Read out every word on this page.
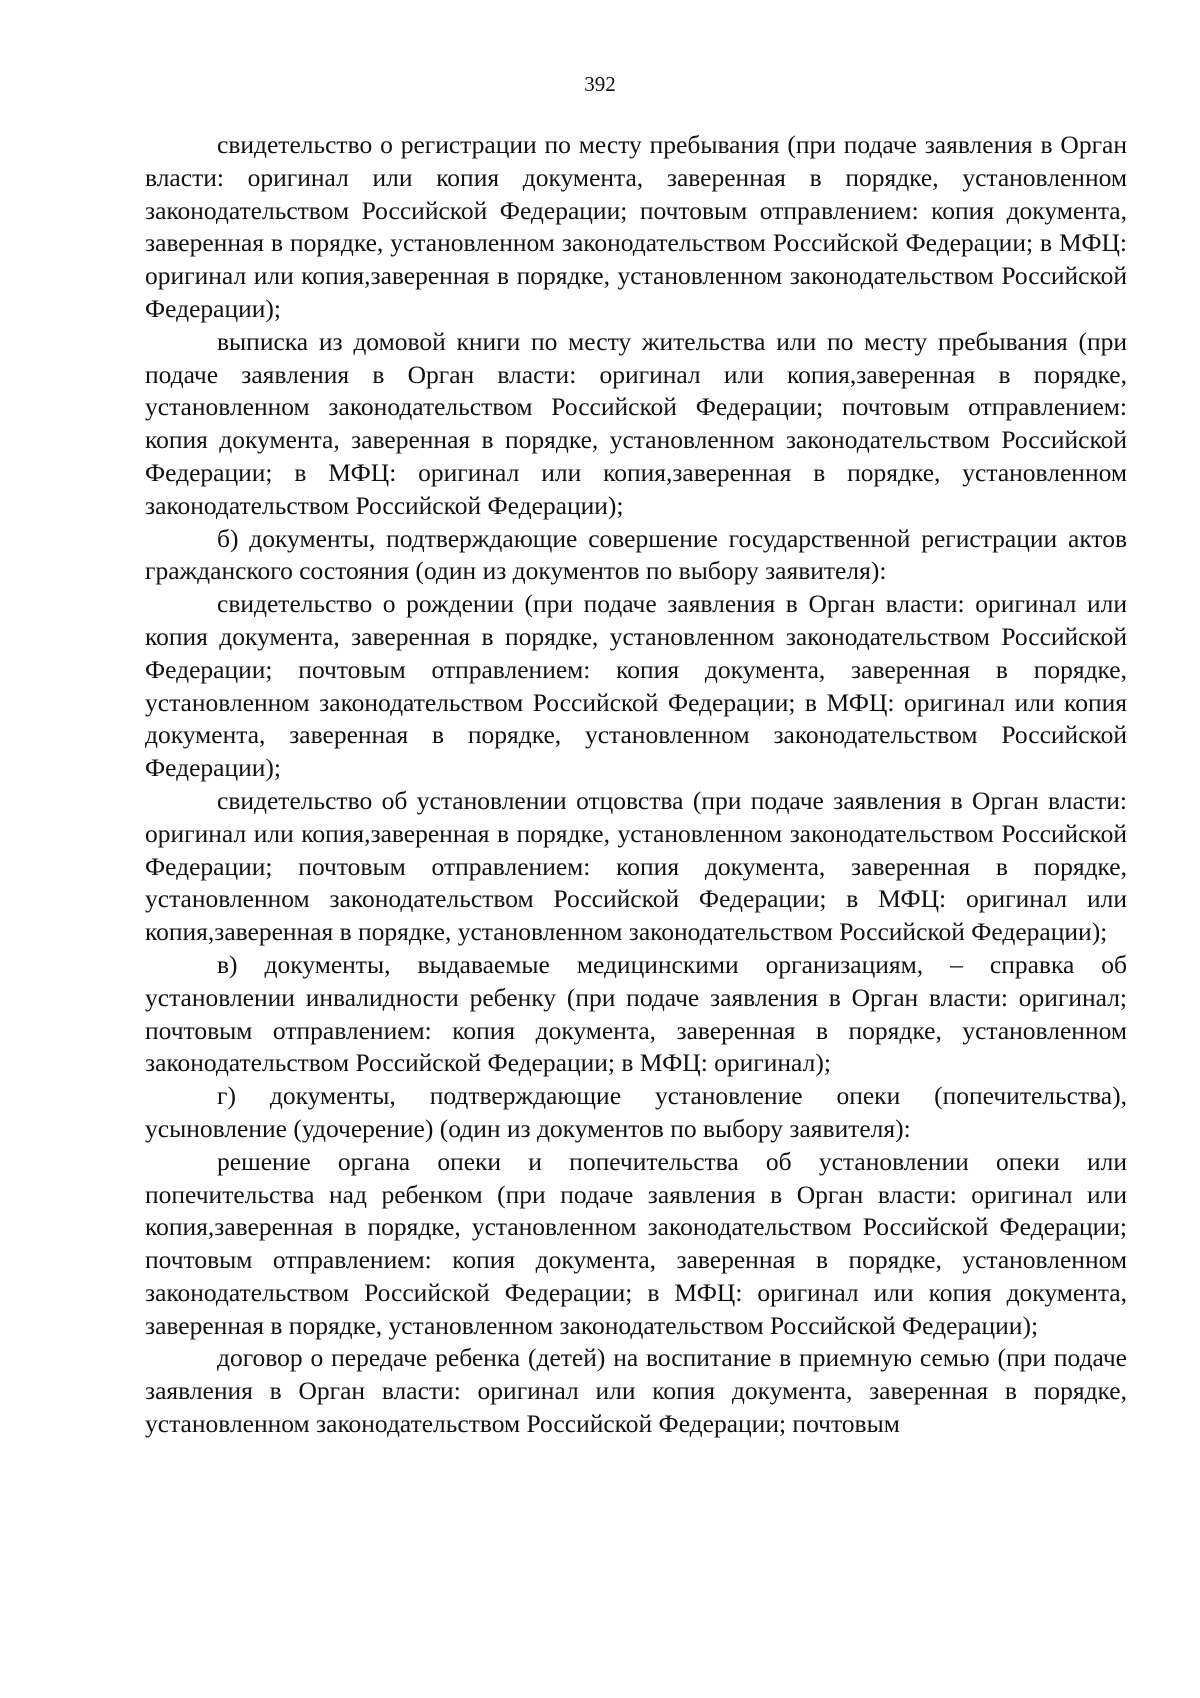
392

свидетельство о регистрации по месту пребывания (при подаче заявления в Орган власти: оригинал или копия документа, заверенная в порядке, установленном законодательством Российской Федерации; почтовым отправлением: копия документа, заверенная в порядке, установленном законодательством Российской Федерации; в МФЦ: оригинал или копия,заверенная в порядке, установленном законодательством Российской Федерации);

выписка из домовой книги по месту жительства или по месту пребывания (при подаче заявления в Орган власти: оригинал или копия,заверенная в порядке, установленном законодательством Российской Федерации; почтовым отправлением: копия документа, заверенная в порядке, установленном законодательством Российской Федерации; в МФЦ: оригинал или копия,заверенная в порядке, установленном законодательством Российской Федерации);

б) документы, подтверждающие совершение государственной регистрации актов гражданского состояния (один из документов по выбору заявителя):

свидетельство о рождении (при подаче заявления в Орган власти: оригинал или копия документа, заверенная в порядке, установленном законодательством Российской Федерации; почтовым отправлением: копия документа, заверенная в порядке, установленном законодательством Российской Федерации; в МФЦ: оригинал или копия документа, заверенная в порядке, установленном законодательством Российской Федерации);

свидетельство об установлении отцовства (при подаче заявления в Орган власти: оригинал или копия,заверенная в порядке, установленном законодательством Российской Федерации; почтовым отправлением: копия документа, заверенная в порядке, установленном законодательством Российской Федерации; в МФЦ: оригинал или копия,заверенная в порядке, установленном законодательством Российской Федерации);

в) документы, выдаваемые медицинскими организациям, – справка об установлении инвалидности ребенку (при подаче заявления в Орган власти: оригинал; почтовым отправлением: копия документа, заверенная в порядке, установленном законодательством Российской Федерации; в МФЦ: оригинал);

г) документы, подтверждающие установление опеки (попечительства), усыновление (удочерение) (один из документов по выбору заявителя):

решение органа опеки и попечительства об установлении опеки или попечительства над ребенком (при подаче заявления в Орган власти: оригинал или копия,заверенная в порядке, установленном законодательством Российской Федерации; почтовым отправлением: копия документа, заверенная в порядке, установленном законодательством Российской Федерации; в МФЦ: оригинал или копия документа, заверенная в порядке, установленном законодательством Российской Федерации);

договор о передаче ребенка (детей) на воспитание в приемную семью (при подаче заявления в Орган власти: оригинал или копия документа, заверенная в порядке, установленном законодательством Российской Федерации; почтовым
